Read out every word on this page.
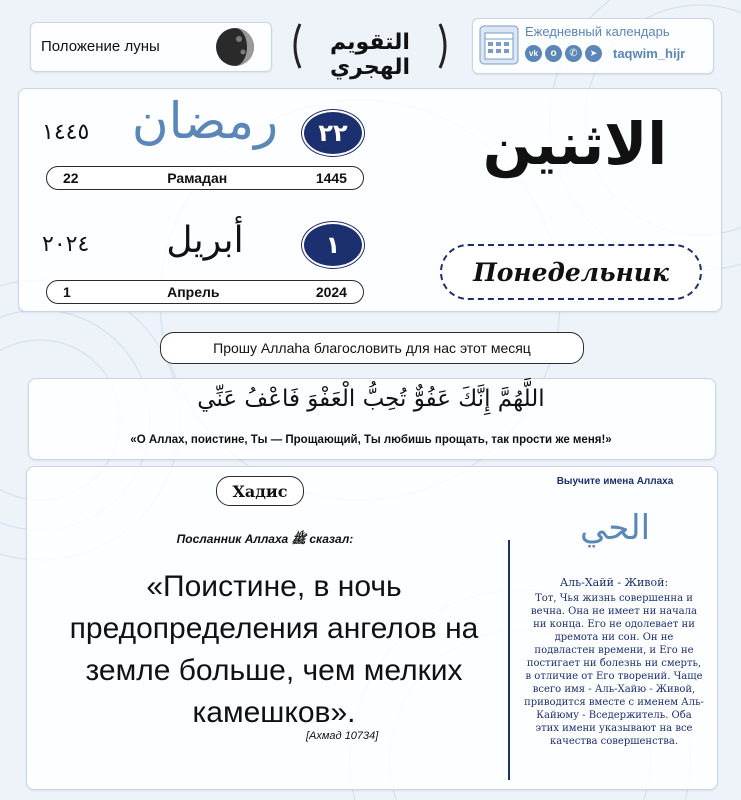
Положение луны	التقويم الهجري
Ежедневный календарь
vk	o	✆	➤	taqwim_hijr
١٤٤٥ رمضان ٢٢
22	Рамадан	1445
٢٠٢٤	أبريل	١
1	Апрель	2024
الاثنين
Понедельник
Прошу Аллаhа благословить для нас этот месяц
اللَّهُمَّ إِنَّكَ عَفُوٌّ تُحِبُّ الْعَفْوَ فَاعْفُ عَنِّي
«О Аллах, поистине, Ты — Прощающий, Ты любишь прощать, так прости же меня!»
Хадис
Посланник Аллаха ﷺ сказал:
«Поистине, в ночь предопределения ангелов на земле больше, чем мелких камешков».
[Ахмад 10734]
Выучите имена Аллаха
الحي
Аль-Хайй - Живой:
Тот, Чья жизнь совершенна и вечна. Она не имеет ни начала ни конца. Его не одолевает ни дремота ни сон. Он не подвластен времени, и Его не постигает ни болезнь ни смерть, в отличие от Его творений. Чаще всего имя - Аль-Хайю - Живой, приводится вместе с именем Аль-Кайюму - Вседержитель. Оба этих имени указывают на все качества совершенства.
